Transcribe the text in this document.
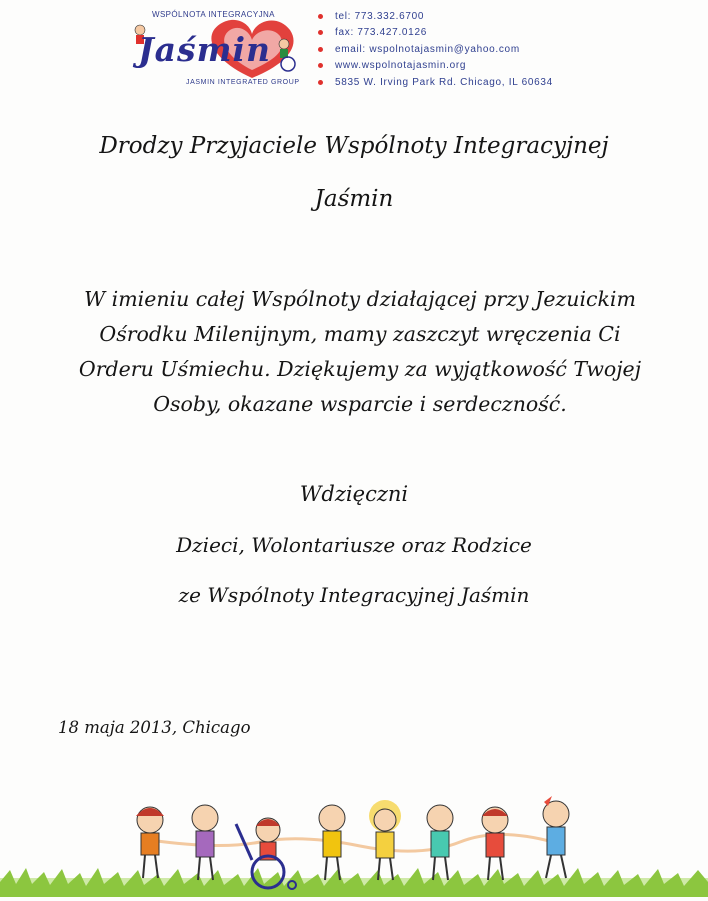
WSPÓLNOTA INTEGRACYJNA
Jaśmin
JASMIN INTEGRATED GROUP
tel: 773.332.6700
fax: 773.427.0126
email: wspolnotajasmin@yahoo.com
www.wspolnotajasmin.org
5835 W. Irving Park Rd. Chicago, IL 60634
Drodzy Przyjaciele Wspólnoty Integracyjnej
Jaśmin
W imieniu całej Wspólnoty działającej przy Jezuickim
Ośrodku Milenijnym, mamy zaszczyt wręczenia Ci
Orderu Uśmiechu. Dziękujemy za wyjątkowość Twojej
Osoby, okazane wsparcie i serdeczność.
Wdzięczni
Dzieci, Wolontariusze oraz Rodzice
ze Wspólnoty Integracyjnej Jaśmin
18 maja 2013, Chicago
